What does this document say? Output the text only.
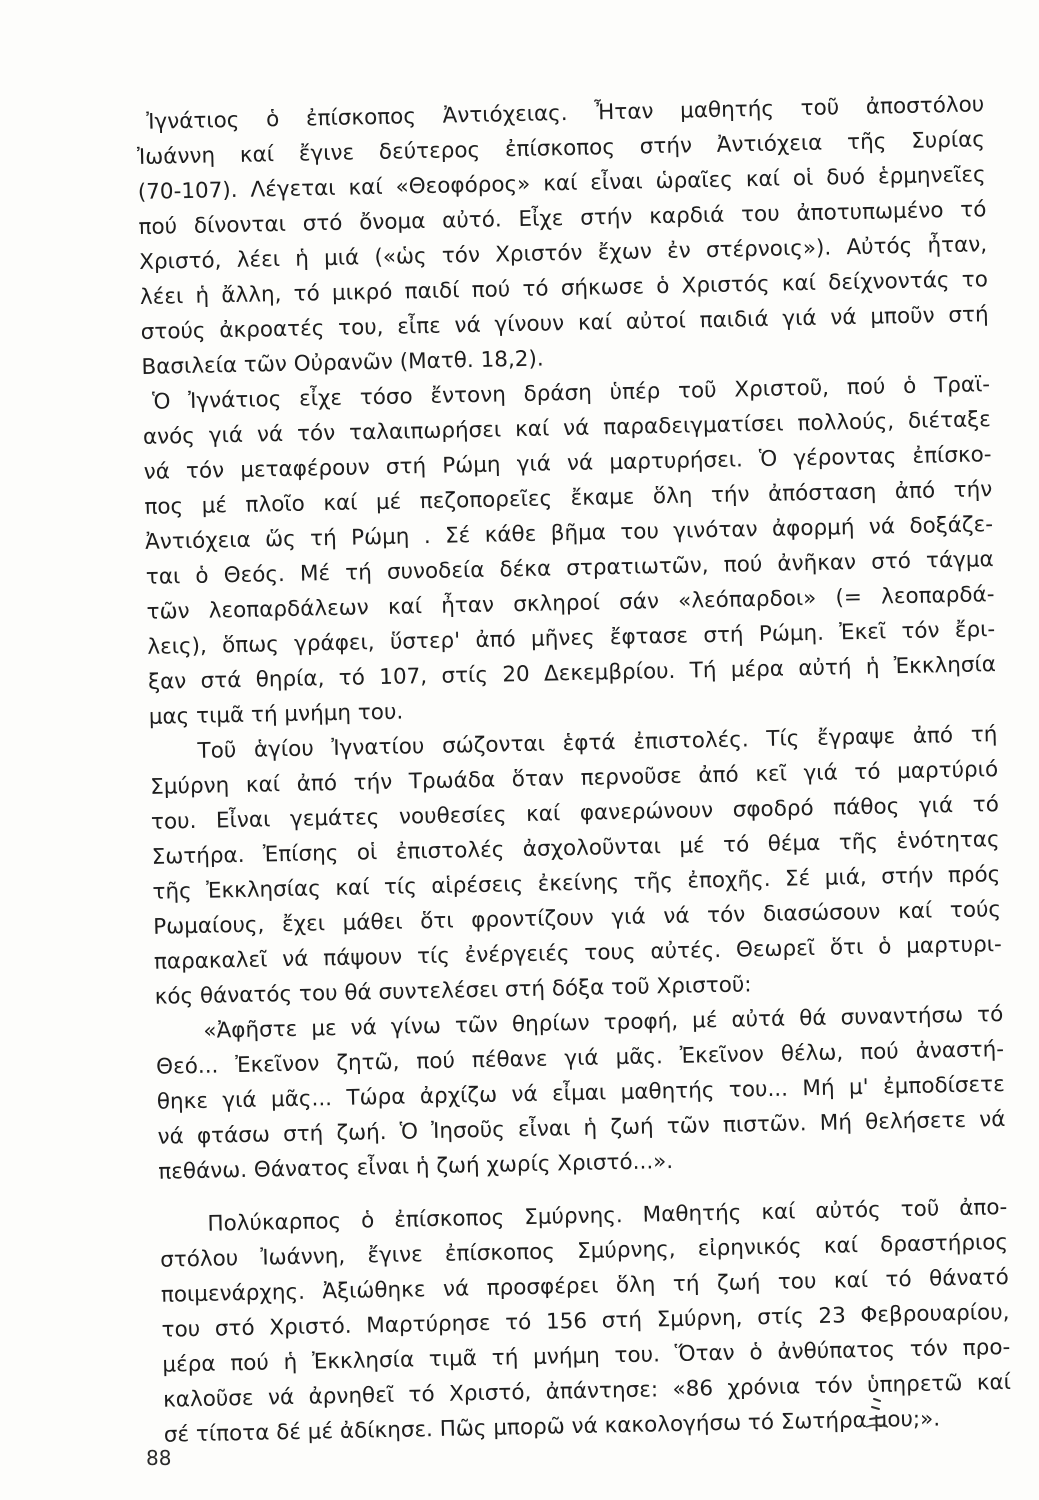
Ἰγνάτιος ὁ ἐπίσκοπος Ἀντιόχειας. Ἦταν μαθητής τοῦ ἀποστόλου
Ἰωάννη καί ἔγινε δεύτερος ἐπίσκοπος στήν Ἀντιόχεια τῆς Συρίας
(70-107). Λέγεται καί «Θεοφόρος» καί εἶναι ὡραῖες καί οἱ δυό ἑρμηνεῖες
πού δίνονται στό ὄνομα αὐτό. Εἶχε στήν καρδιά του ἀποτυπωμένο τό
Χριστό, λέει ἡ μιά («ὡς τόν Χριστόν ἔχων ἐν στέρνοις»). Αὐτός ἦταν,
λέει ἡ ἄλλη, τό μικρό παιδί πού τό σήκωσε ὁ Χριστός καί δείχνοντάς το
στούς ἀκροατές του, εἶπε νά γίνουν καί αὐτοί παιδιά γιά νά μποῦν στή
Βασιλεία τῶν Οὐρανῶν (Ματθ. 18,2).
Ὁ Ἰγνάτιος εἶχε τόσο ἔντονη δράση ὑπέρ τοῦ Χριστοῦ, πού ὁ Τραϊ-
ανός γιά νά τόν ταλαιπωρήσει καί νά παραδειγματίσει πολλούς, διέταξε
νά τόν μεταφέρουν στή Ρώμη γιά νά μαρτυρήσει. Ὁ γέροντας ἐπίσκο-
πος μέ πλοῖο καί μέ πεζοπορεῖες ἔκαμε ὅλη τήν ἀπόσταση ἀπό τήν
Ἀντιόχεια ὥς τή Ρώμη . Σέ κάθε βῆμα του γινόταν ἀφορμή νά δοξάζε-
ται ὁ Θεός. Μέ τή συνοδεία δέκα στρατιωτῶν, πού ἀνῆκαν στό τάγμα
τῶν λεοπαρδάλεων καί ἦταν σκληροί σάν «λεόπαρδοι» (= λεοπαρδά-
λεις), ὅπως γράφει, ὕστερ' ἀπό μῆνες ἔφτασε στή Ρώμη. Ἐκεῖ τόν ἔρι-
ξαν στά θηρία, τό 107, στίς 20 Δεκεμβρίου. Τή μέρα αὐτή ἡ Ἐκκλησία
μας τιμᾶ τή μνήμη του.
Τοῦ ἁγίου Ἰγνατίου σώζονται ἑφτά ἐπιστολές. Τίς ἔγραψε ἀπό τή
Σμύρνη καί ἀπό τήν Τρωάδα ὅταν περνοῦσε ἀπό κεῖ γιά τό μαρτύριό
του. Εἶναι γεμάτες νουθεσίες καί φανερώνουν σφοδρό πάθος γιά τό
Σωτήρα. Ἐπίσης οἱ ἐπιστολές ἀσχολοῦνται μέ τό θέμα τῆς ἑνότητας
τῆς Ἐκκλησίας καί τίς αἱρέσεις ἐκείνης τῆς ἐποχῆς. Σέ μιά, στήν πρός
Ρωμαίους, ἔχει μάθει ὅτι φροντίζουν γιά νά τόν διασώσουν καί τούς
παρακαλεῖ νά πάψουν τίς ἐνέργειές τους αὐτές. Θεωρεῖ ὅτι ὁ μαρτυρι-
κός θάνατός του θά συντελέσει στή δόξα τοῦ Χριστοῦ:
«Ἀφῆστε με νά γίνω τῶν θηρίων τροφή, μέ αὐτά θά συναντήσω τό
Θεό... Ἐκεῖνον ζητῶ, πού πέθανε γιά μᾶς. Ἐκεῖνον θέλω, πού ἀναστή-
θηκε γιά μᾶς... Τώρα ἀρχίζω νά εἶμαι μαθητής του... Μή μ' ἐμποδίσετε
νά φτάσω στή ζωή. Ὁ Ἰησοῦς εἶναι ἡ ζωή τῶν πιστῶν. Μή θελήσετε νά
πεθάνω. Θάνατος εἶναι ἡ ζωή χωρίς Χριστό...».
Πολύκαρπος ὁ ἐπίσκοπος Σμύρνης. Μαθητής καί αὐτός τοῦ ἀπο-
στόλου Ἰωάννη, ἔγινε ἐπίσκοπος Σμύρνης, εἰρηνικός καί δραστήριος
ποιμενάρχης. Ἀξιώθηκε νά προσφέρει ὅλη τή ζωή του καί τό θάνατό
του στό Χριστό. Μαρτύρησε τό 156 στή Σμύρνη, στίς 23 Φεβρουαρίου,
μέρα πού ἡ Ἐκκλησία τιμᾶ τή μνήμη του. Ὅταν ὁ ἀνθύπατος τόν προ-
καλοῦσε νά ἀρνηθεῖ τό Χριστό, ἀπάντησε: «86 χρόνια τόν ὑπηρετῶ καί
σέ τίποτα δέ μέ ἀδίκησε. Πῶς μπορῶ νά κακολογήσω τό Σωτήρα μου;».
88
